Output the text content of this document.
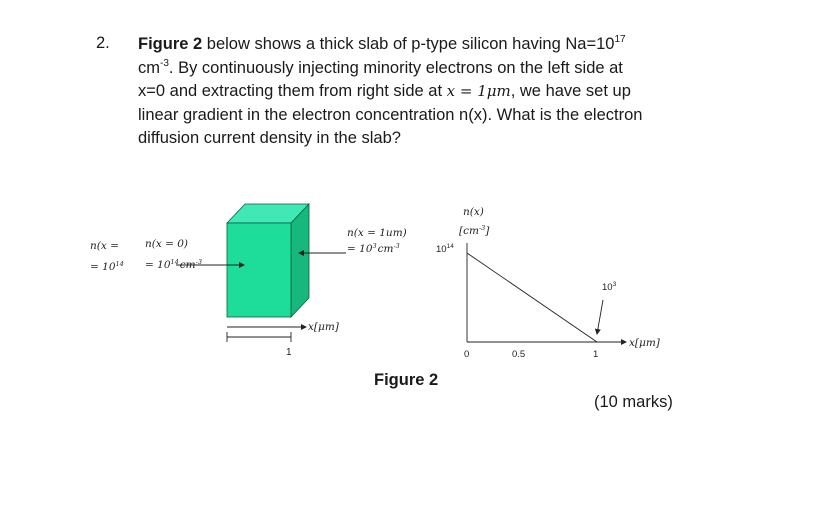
2. Figure 2 below shows a thick slab of p-type silicon having $Na=10^{17}$
$cm^{-3}$. By continuously injecting minority electrons on the left side at
x=0 and extracting them from right side at x = 1μm, we have set up
linear gradient in the electron concentration n(x). What is the electron
diffusion current density in the slab?
n(x = n(x = 0)
= $10^{14} = 10^{14}cm^{-3}$
n(x = 1um)
= $10^3cm^{-3}$
x[μm]
1
n(x)
$[cm^{-3}]$
$10^{14}$
$10^3$
0	0.5	1
x[μm]
Figure 2
(10 marks)
